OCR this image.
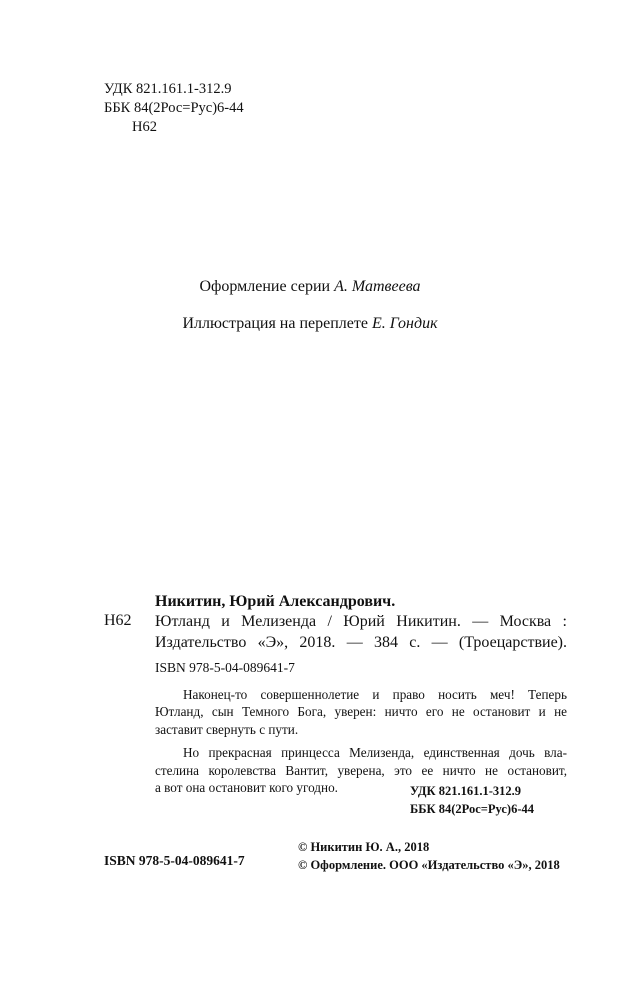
УДК 821.161.1-312.9
ББК 84(2Рос=Рус)6-44
Н62
Оформление серии А. Матвеева
Иллюстрация на переплете Е. Гондик
Никитин, Юрий Александрович.
Н62 Ютланд и Мелизенда / Юрий Никитин. — Москва :
Издательство «Э», 2018. — 384 с. — (Троецарствие).
ISBN 978-5-04-089641-7
Наконец-то совершеннолетие и право носить меч! Теперь
Ютланд, сын Темного Бога, уверен: ничто его не остановит и не
заставит свернуть с пути.
Но прекрасная принцесса Мелизенда, единственная дочь вла-
стелина королевства Вантит, уверена, это ее ничто не остановит,
а вот она остановит кого угодно.	УДК 821.161.1-312.9
ББК 84(2Рос=Рус)6-44
ISBN 978-5-04-089641-7
© Никитин Ю. А., 2018
© Оформление. ООО «Издательство «Э», 2018
